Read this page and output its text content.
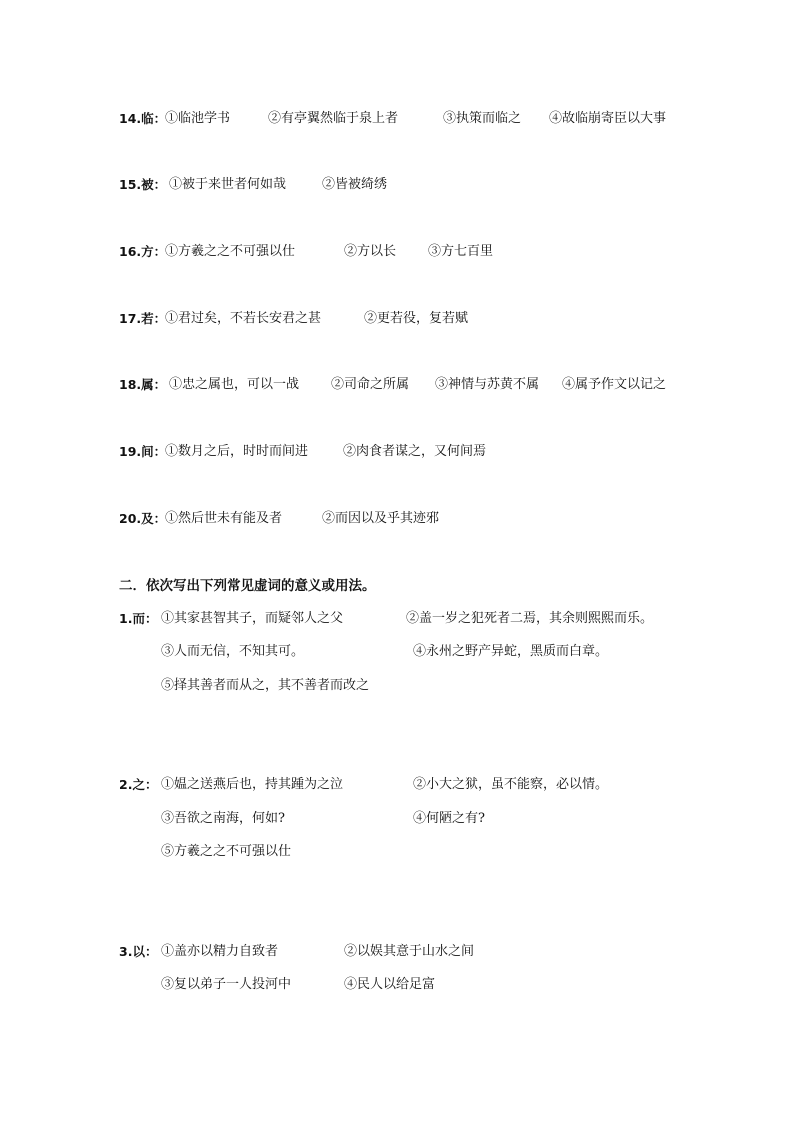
14.临：
①临池学书	②有亭翼然临于泉上者	③执策而临之 ④故临崩寄臣以大事
15.被： ①被于来世者何如哉	②皆被绮绣
16.方：
①方羲之之不可强以仕	②方以长 ③方七百里
17.若：
①君过矣，不若长安君之甚	②更若役，复若赋
18.属： ①忠之属也，可以一战 ②司命之所属 ③神情与苏黄不属 ④属予作文以记之
19.间：
①数月之后，时时而间进	②肉食者谋之，又何间焉
20.及：
①然后世未有能及者	②而因以及乎其迹邪
二．依次写出下列常见虚词的意义或用法。
1.而： ①其家甚智其子，而疑邻人之父	②盖一岁之犯死者二焉，其余则熙熙而乐。
③人而无信，不知其可。	④永州之野产异蛇，黑质而白章。
⑤择其善者而从之，其不善者而改之
2.之： ①媪之送燕后也，持其踵为之泣	②小大之狱，虽不能察，必以情。
③吾欲之南海，何如?	④何陋之有?
⑤方羲之之不可强以仕
3.以： ①盖亦以精力自致者	②以娱其意于山水之间
③复以弟子一人投河中	④民人以给足富
